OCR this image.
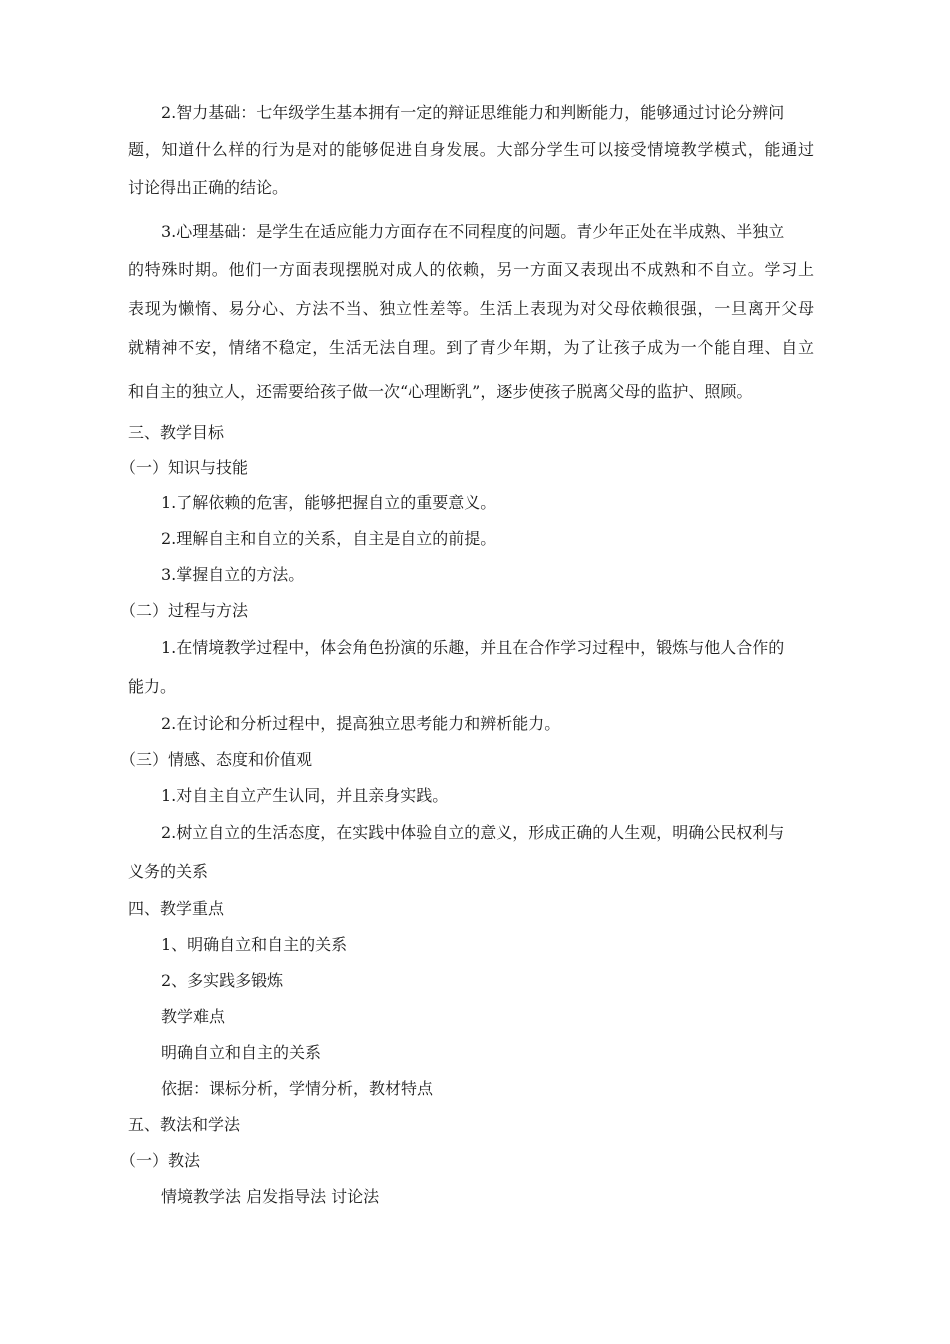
2.智力基础：七年级学生基本拥有一定的辩证思维能力和判断能力，能够通过讨论分辨问

题，知道什么样的行为是对的能够促进自身发展。大部分学生可以接受情境教学模式，能通过

讨论得出正确的结论。

3.心理基础：是学生在适应能力方面存在不同程度的问题。青少年正处在半成熟、半独立

的特殊时期。他们一方面表现摆脱对成人的依赖，另一方面又表现出不成熟和不自立。学习上

表现为懒惰、易分心、方法不当、独立性差等。生活上表现为对父母依赖很强，一旦离开父母

就精神不安，情绪不稳定，生活无法自理。到了青少年期，为了让孩子成为一个能自理、自立

和自主的独立人，还需要给孩子做一次“心理断乳”，逐步使孩子脱离父母的监护、照顾。

三、教学目标

（一）知识与技能

1.了解依赖的危害，能够把握自立的重要意义。

2.理解自主和自立的关系，自主是自立的前提。

3.掌握自立的方法。

（二）过程与方法

1.在情境教学过程中，体会角色扮演的乐趣，并且在合作学习过程中，锻炼与他人合作的

能力。

2.在讨论和分析过程中，提高独立思考能力和辨析能力。

（三）情感、态度和价值观

1.对自主自立产生认同，并且亲身实践。

2.树立自立的生活态度，在实践中体验自立的意义，形成正确的人生观，明确公民权利与

义务的关系

四、教学重点

1、明确自立和自主的关系

2、多实践多锻炼

教学难点

明确自立和自主的关系

依据：课标分析，学情分析，教材特点

五、教法和学法

（一）教法

情境教学法 启发指导法 讨论法
